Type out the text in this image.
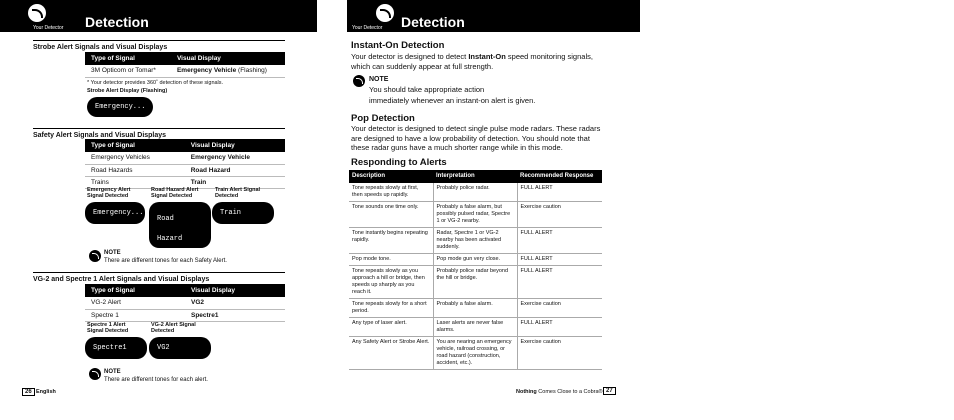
Your Detector Detection
Strobe Alert Signals and Visual Displays
Type of Signal	Visual Display
3M Opticom or Tomar*	Emergency Vehicle (Flashing)
* Your detector provides 360˚ detection of these signals.
Strobe Alert Display (Flashing)
Emergency...
Safety Alert Signals and Visual Displays
Type of Signal	Visual Display
Emergency Vehicles	Emergency Vehicle
Road Hazards	Road Hazard
Trains	Train
Emergency Alert Signal Detected
Road Hazard Alert Signal Detected
Train Alert Signal Detected
Emergency...
Road
Hazard
Train
NOTE
There are different tones for each Safety Alert.
VG-2 and Spectre 1 Alert Signals and Visual Displays
Type of Signal	Visual Display
VG-2 Alert	VG2
Spectre 1	Spectre1
Spectre 1 Alert Signal Detected
VG-2 Alert Signal Detected
Spectre1	VG2
NOTE
There are different tones for each alert.
26 English
Your Detector Detection
Instant-On Detection
Your detector is designed to detect Instant-On speed monitoring signals, which can suddenly appear at full strength.
NOTE
You should take appropriate action
immediately whenever an instant-on alert is given.
Pop Detection
Your detector is designed to detect single pulse mode radars. These radars are designed to have a low probability of detection. You should note that these radar guns have a much shorter range while in this mode.
Responding to Alerts
Description	Interpretation	Recommended Response
Tone repeats slowly at first, then speeds up rapidly.	Probably police radar.	FULL ALERT
Tone sounds one time only.	Probably a false alarm, but possibly pulsed radar, Spectre 1 or VG-2 nearby.	Exercise caution
Tone instantly begins repeating rapidly.	Radar, Spectre 1 or VG-2 nearby has been activated suddenly.	FULL ALERT
Pop mode tone.	Pop mode gun very close.	FULL ALERT
Tone repeats slowly as you approach a hill or bridge, then speeds up sharply as you reach it.	Probably police radar beyond the hill or bridge.	FULL ALERT
Tone repeats slowly for a short period.	Probably a false alarm.	Exercise caution
Any type of laser alert.	Laser alerts are never false alarms.	FULL ALERT
Any Safety Alert or Strobe Alert.	You are nearing an emergency vehicle, railroad crossing, or road hazard (construction, accident, etc.).	Exercise caution
Nothing Comes Close to a Cobra® 27
